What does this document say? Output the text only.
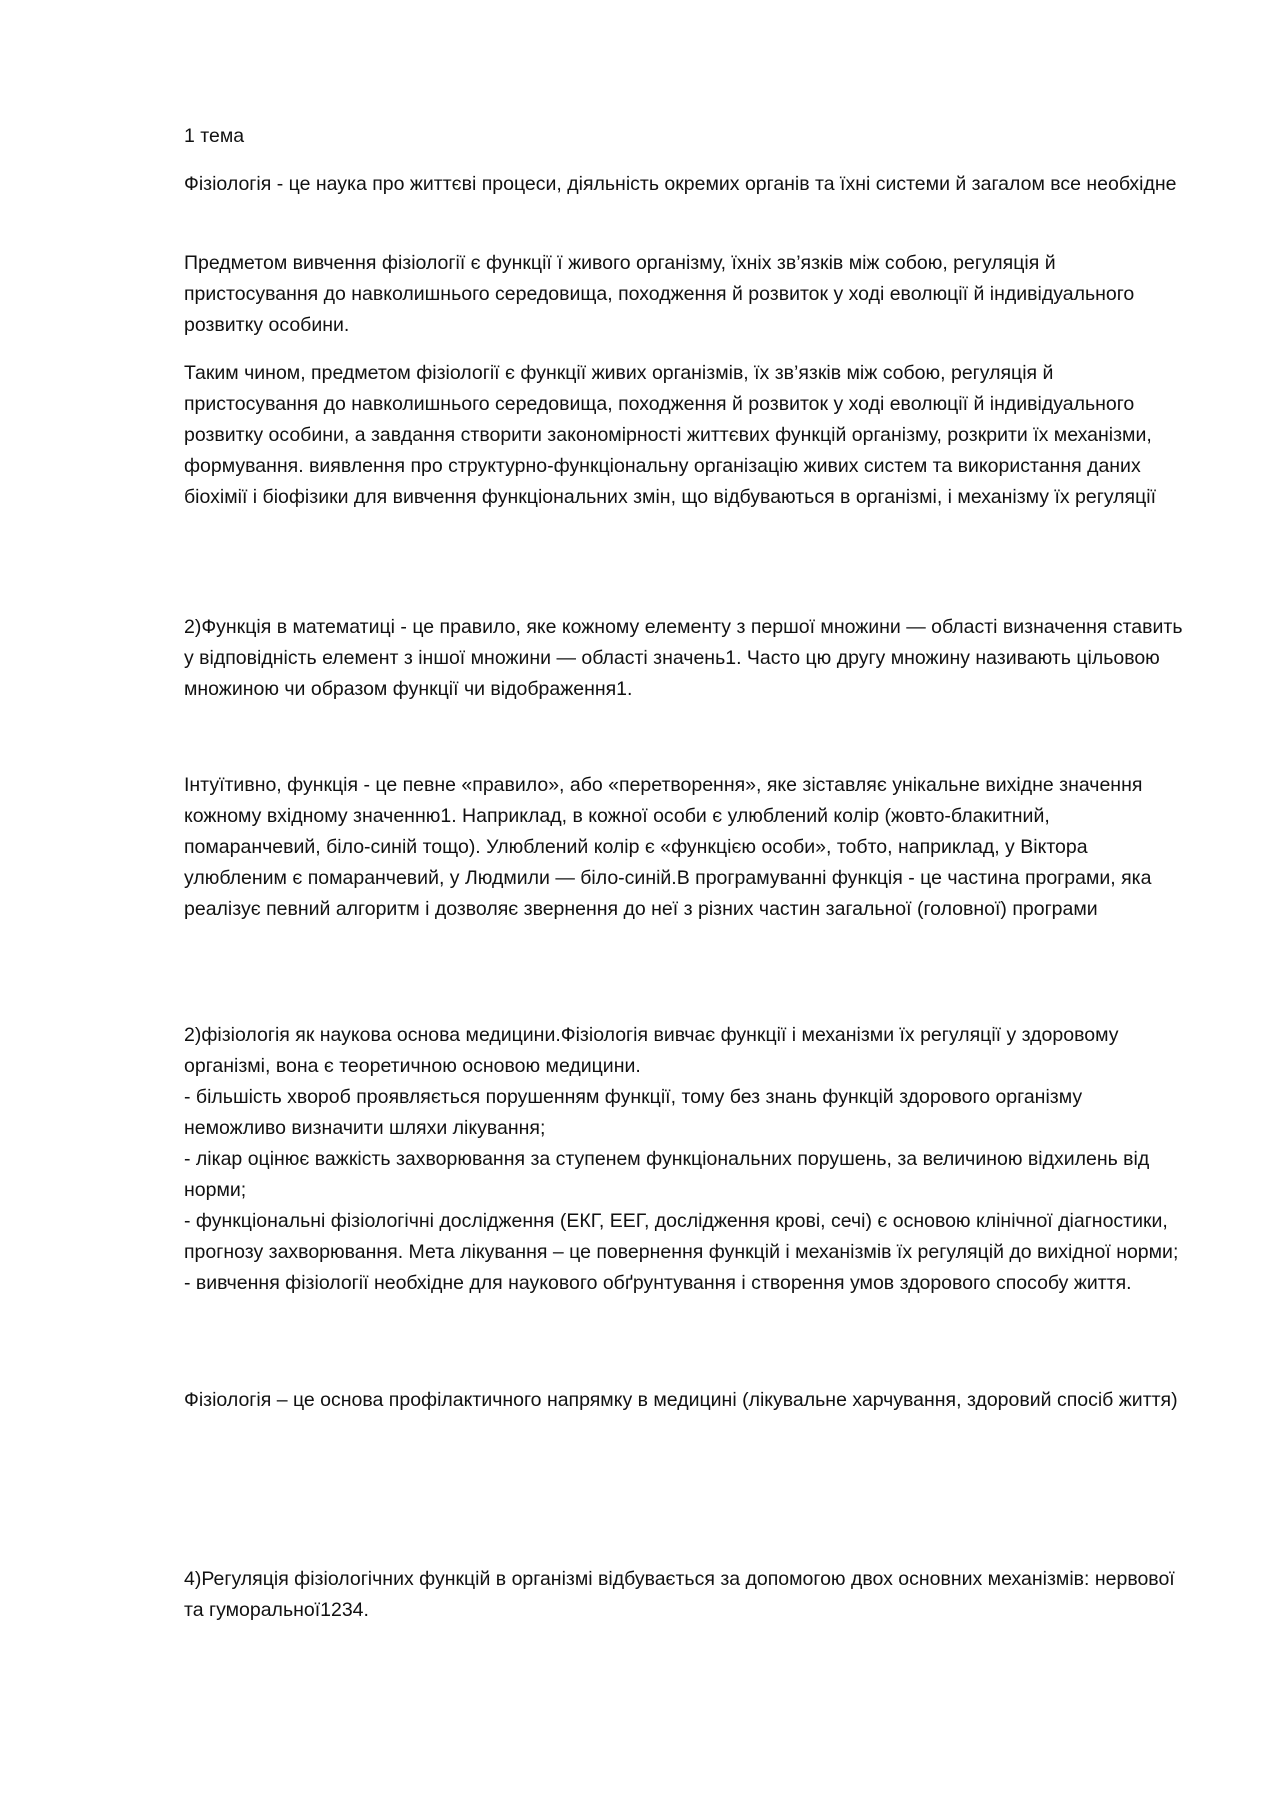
1 тема

Фізіологія - це наука про життєві процеси, діяльність окремих органів та їхні системи й загалом все необхідне

Предметом вивчення фізіології є функції ї живого організму, їхніх зв’язків між собою, регуляція й пристосування до навколишнього середовища, походження й розвиток у ході еволюції й індивідуального розвитку особини.

Таким чином, предметом фізіології є функції живих організмів, їх зв’язків між собою, регуляція й пристосування до навколишнього середовища, походження й розвиток у ході еволюції й індивідуального розвитку особини, а завдання створити закономірності життєвих функцій організму, розкрити їх механізми, формування. виявлення про структурно-функціональну організацію живих систем та використання даних біохімії і біофізики для вивчення функціональних змін, що відбуваються в організмі, і механізму їх регуляції

2)Функція в математиці - це правило, яке кожному елементу з першої множини — області визначення ставить у відповідність елемент з іншої множини — області значень1. Часто цю другу множину називають цільовою множиною чи образом функції чи відображення1.

Інтуїтивно, функція - це певне «правило», або «перетворення», яке зіставляє унікальне вихідне значення кожному вхідному значенню1. Наприклад, в кожної особи є улюблений колір (жовто-блакитний, помаранчевий, біло-синій тощо). Улюблений колір є «функцією особи», тобто, наприклад, у Віктора улюбленим є помаранчевий, у Людмили — біло-синій.В програмуванні функція - це частина програми, яка реалізує певний алгоритм і дозволяє звернення до неї з різних частин загальної (головної) програми

2)фізіологія як наукова основа медицини.Фізіологія вивчає функції і механізми їх регуляції у здоровому організмі, вона є теоретичною основою медицини.
- більшість хвороб проявляється порушенням функції, тому без знань функцій здорового організму неможливо визначити шляхи лікування;
- лікар оцінює важкість захворювання за ступенем функціональних порушень, за величиною відхилень від норми;
- функціональні фізіологічні дослідження (ЕКГ, ЕЕГ, дослідження крові, сечі) є основою клінічної діагностики, прогнозу захворювання. Мета лікування – це повернення функцій і механізмів їх регуляцій до вихідної норми;
- вивчення фізіології необхідне для наукового обґрунтування і створення умов здорового способу життя.

Фізіологія – це основа профілактичного напрямку в медицині (лікувальне харчування, здоровий спосіб життя)

4)Регуляція фізіологічних функцій в організмі відбувається за допомогою двох основних механізмів: нервової та гуморальної1234.
